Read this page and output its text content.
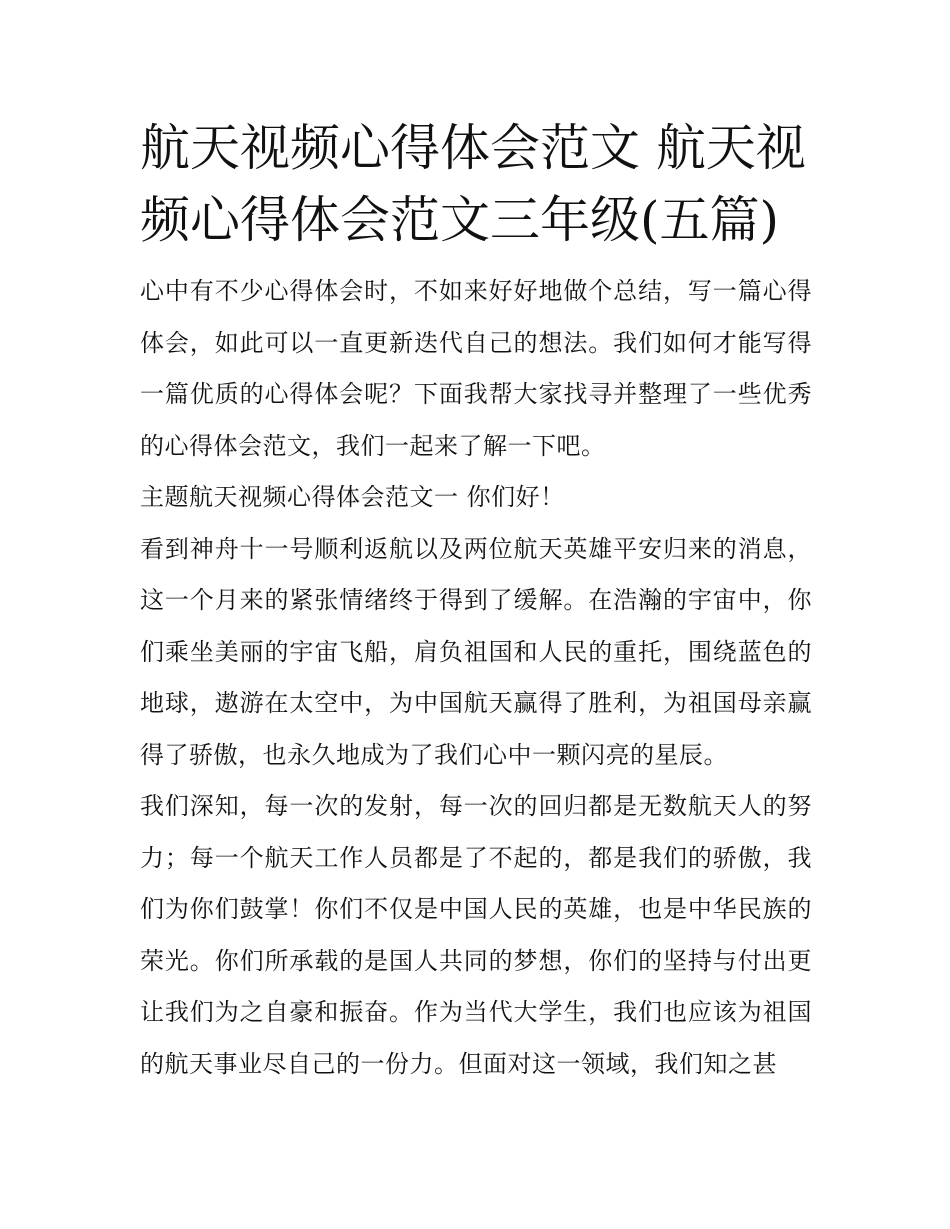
航天视频心得体会范文 航天视频心得体会范文三年级(五篇)

心中有不少心得体会时，不如来好好地做个总结，写一篇心得体会，如此可以一直更新迭代自己的想法。我们如何才能写得一篇优质的心得体会呢？下面我帮大家找寻并整理了一些优秀的心得体会范文，我们一起来了解一下吧。

主题航天视频心得体会范文一 你们好！

看到神舟十一号顺利返航以及两位航天英雄平安归来的消息，这一个月来的紧张情绪终于得到了缓解。在浩瀚的宇宙中，你们乘坐美丽的宇宙飞船，肩负祖国和人民的重托，围绕蓝色的地球，遨游在太空中，为中国航天赢得了胜利，为祖国母亲赢得了骄傲，也永久地成为了我们心中一颗闪亮的星辰。

我们深知，每一次的发射，每一次的回归都是无数航天人的努力；每一个航天工作人员都是了不起的，都是我们的骄傲，我们为你们鼓掌！你们不仅是中国人民的英雄，也是中华民族的荣光。你们所承载的是国人共同的梦想，你们的坚持与付出更让我们为之自豪和振奋。作为当代大学生，我们也应该为祖国的航天事业尽自己的一份力。但面对这一领域，我们知之甚
